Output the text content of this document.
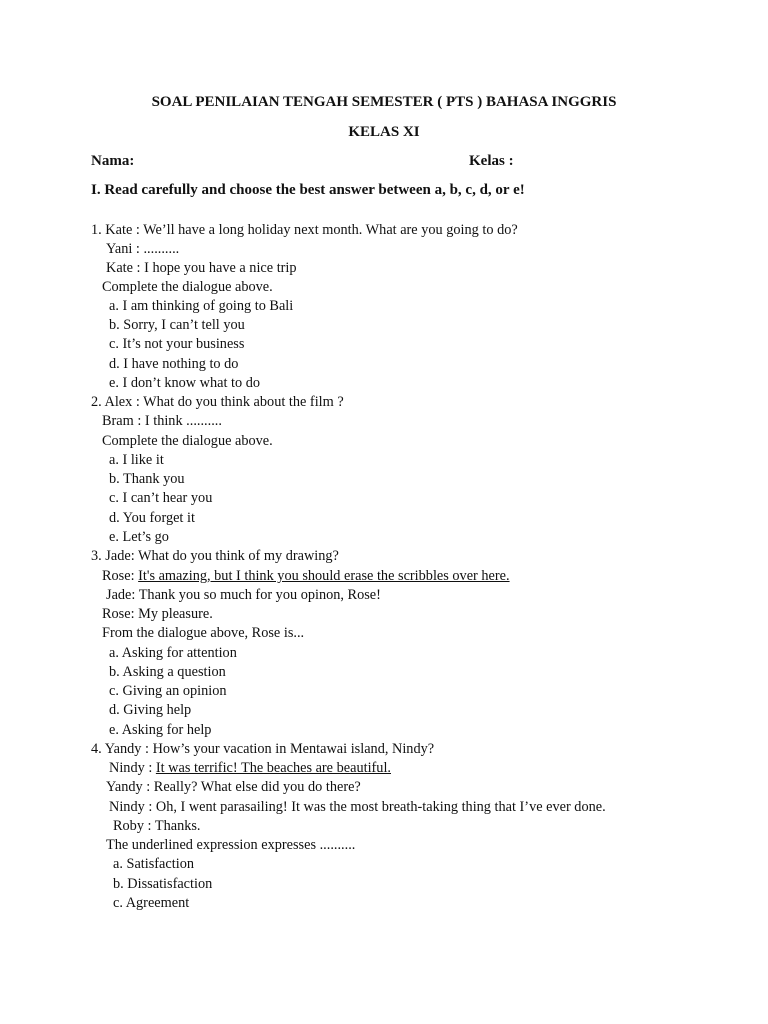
SOAL PENILAIAN TENGAH SEMESTER ( PTS ) BAHASA INGGRIS
KELAS XI
Nama:	Kelas :
I. Read carefully and choose the best answer between a, b, c, d, or e!
1. Kate : We’ll have a long holiday next month. What are you going to do?
Yani : ..........
Kate : I hope you have a nice trip
Complete the dialogue above.
a. I am thinking of going to Bali
b. Sorry, I can’t tell you
c. It’s not your business
d. I have nothing to do
e. I don’t know what to do
2. Alex : What do you think about the film ?
Bram : I think ..........
Complete the dialogue above.
a. I like it
b. Thank you
c. I can’t hear you
d. You forget it
e. Let’s go
3. Jade: What do you think of my drawing?
Rose: It's amazing, but I think you should erase the scribbles over here.
Jade: Thank you so much for you opinon, Rose!
Rose: My pleasure.
From the dialogue above, Rose is...
a. Asking for attention
b. Asking a question
c. Giving an opinion
d. Giving help
e. Asking for help
4. Yandy : How’s your vacation in Mentawai island, Nindy?
Nindy : It was terrific! The beaches are beautiful.
Yandy : Really? What else did you do there?
Nindy : Oh, I went parasailing! It was the most breath-taking thing that I’ve ever done.
Roby : Thanks.
The underlined expression expresses ..........
a. Satisfaction
b. Dissatisfaction
c. Agreement
